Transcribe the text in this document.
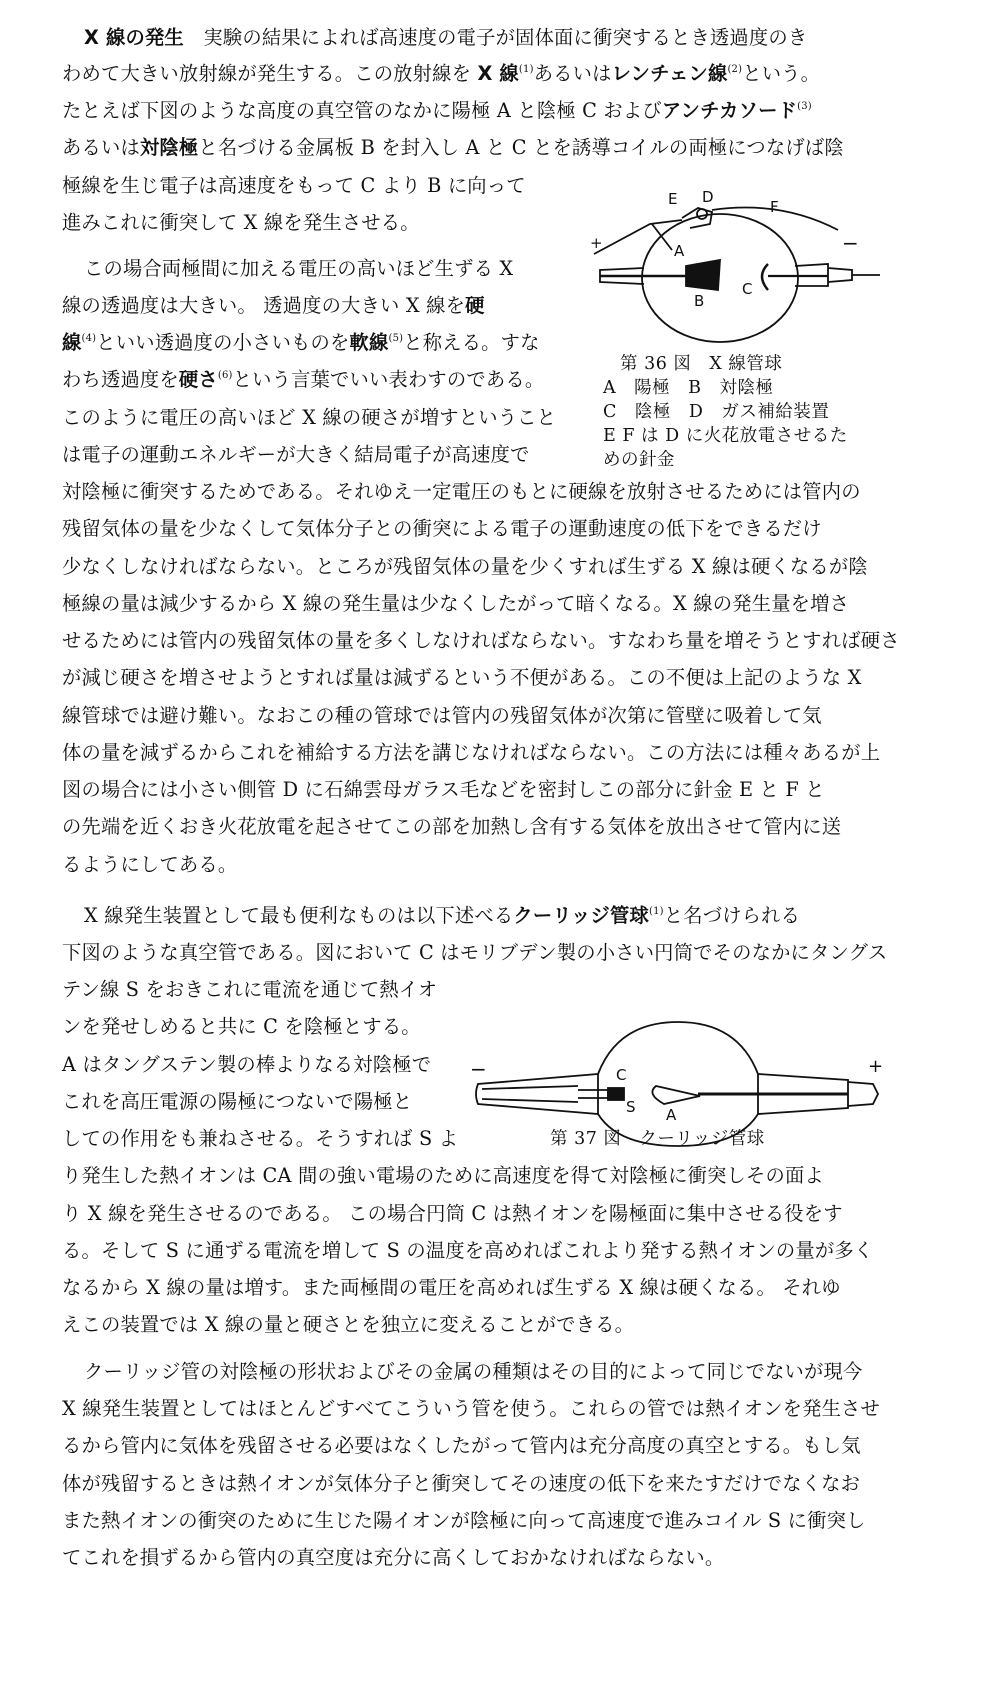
X 線の発生　 実験の結果によれば高速度の電子が固体面に衝突するとき透過度のき
わめて大きい放射線が発生する。この放射線を X 線$^{(1)}$あるいはレンチェン線$^{(2)}$という。
たとえば下図のような高度の真空管のなかに陽極 A と陰極 C およびアンチカソード$^{(3)}$
あるいは対陰極と名づける金属板 B を封入し A と C とを誘導コイルの両極につなげば陰
極線を生じ電子は高速度をもって C より B に向って
進みこれに衝突して X 線を発生させる。
この場合両極間に加える電圧の高いほど生ずる X
線の透過度は大きい。 透過度の大きい X 線を硬
線$^{(4)}$といい透過度の小さいものを軟線$^{(5)}$と称える。すな
わち透過度を硬さ$^{(6)}$という言葉でいい表わすのである。
このように電圧の高いほど X 線の硬さが増すということ
は電子の運動エネルギーが大きく結局電子が高速度で
対陰極に衝突するためである。それゆえ一定電圧のもとに硬線を放射させるためには管内の
残留気体の量を少なくして気体分子との衝突による電子の運動速度の低下をできるだけ
少なくしなければならない。ところが残留気体の量を少くすれば生ずる X 線は硬くなるが陰
極線の量は減少するから X 線の発生量は少なくしたがって暗くなる。X 線の発生量を増さ
せるためには管内の残留気体の量を多くしなければならない。すなわち量を増そうとすれば硬さ
が減じ硬さを増させようとすれば量は減ずるという不便がある。この不便は上記のような X
線管球では避け難い。なおこの種の管球では管内の残留気体が次第に管壁に吸着して気
体の量を減ずるからこれを補給する方法を講じなければならない。この方法には種々あるが上
図の場合には小さい側管 D に石綿雲母ガラス毛などを密封しこの部分に針金 E と F と
の先端を近くおき火花放電を起させてこの部を加熱し含有する気体を放出させて管内に送
るようにしてある。
E D
F
A
B
C
+	−
第 36 図　X 線管球
A　陽極　B　対陰極
C　陰極　D　ガス補給装置
E F は D に火花放電させるた
めの針金
X 線発生装置として最も便利なものは以下述べるクーリッジ管球$^{(1)}$と名づけられる
下図のような真空管である。図において C はモリブデン製の小さい円筒でそのなかにタングス
テン線 S をおきこれに電流を通じて熱イオ
ンを発せしめると共に C を陰極とする。
A はタングステン製の棒よりなる対陰極で
これを高圧電源の陽極につないで陽極と
しての作用をも兼ねさせる。そうすれば S よ
り発生した熱イオンは CA 間の強い電場のために高速度を得て対陰極に衝突しその面よ
り X 線を発生させるのである。 この場合円筒 C は熱イオンを陽極面に集中させる役をす
る。そして S に通ずる電流を増して S の温度を高めればこれより発する熱イオンの量が多く
なるから X 線の量は増す。また両極間の電圧を高めれば生ずる X 線は硬くなる。 それゆ
えこの装置では X 線の量と硬さとを独立に変えることができる。
−	+
C
S A
第 37 図　クーリッジ管球
クーリッジ管の対陰極の形状およびその金属の種類はその目的によって同じでないが現今
X 線発生装置としてはほとんどすべてこういう管を使う。これらの管では熱イオンを発生させ
るから管内に気体を残留させる必要はなくしたがって管内は充分高度の真空とする。もし気
体が残留するときは熱イオンが気体分子と衝突してその速度の低下を来たすだけでなくなお
また熱イオンの衝突のために生じた陽イオンが陰極に向って高速度で進みコイル S に衝突し
てこれを損ずるから管内の真空度は充分に高くしておかなければならない。
